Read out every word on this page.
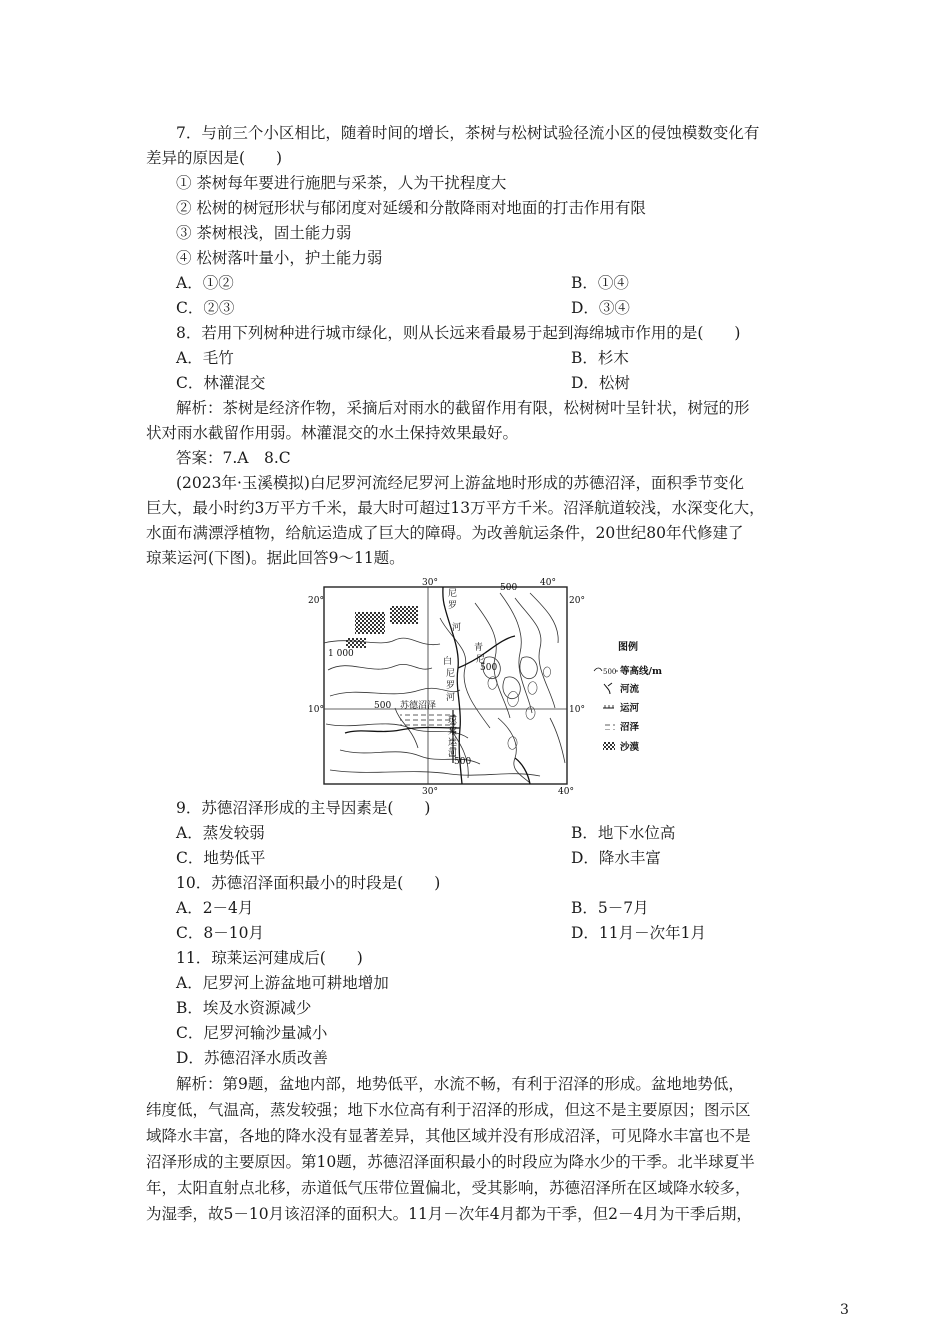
7．与前三个小区相比，随着时间的增长，茶树与松树试验径流小区的侵蚀模数变化有
差异的原因是(　　)
① 茶树每年要进行施肥与采茶，人为干扰程度大
② 松树的树冠形状与郁闭度对延缓和分散降雨对地面的打击作用有限
③ 茶树根浅，固土能力弱
④ 松树落叶量小，护土能力弱
A．①②	B．①④
C．②③	D．③④
8．若用下列树种进行城市绿化，则从长远来看最易于起到海绵城市作用的是(　　)
A．毛竹	B．杉木
C．林灌混交	D．松树
解析：茶树是经济作物，采摘后对雨水的截留作用有限，松树树叶呈针状，树冠的形
状对雨水截留作用弱。林灌混交的水土保持效果最好。
答案：7.A　8.C
(2023年·玉溪模拟)白尼罗河流经尼罗河上游盆地时形成的苏德沼泽，面积季节变化
巨大，最小时约3万平方千米，最大时可超过13万平方千米。沼泽航道较浅，水深变化大，
水面布满漂浮植物，给航运造成了巨大的障碍。为改善航运条件，20世纪80年代修建了
琼莱运河(下图)。据此回答9～11题。
30°	40°
30°	40°
20°	20°
10°	10°
尼
罗
河
白
尼
罗
河
琼
莱
运
河
苏德沼泽
青
尼
1 000
500
500
500
500
图例
500 等高线/m
河流
运河
沼泽
沙漠
9．苏德沼泽形成的主导因素是(　　)
A．蒸发较弱	B．地下水位高
C．地势低平	D．降水丰富
10．苏德沼泽面积最小的时段是(　　)
A．2－4月	B．5－7月
C．8－10月	D．11月－次年1月
11．琼莱运河建成后(　　)
A．尼罗河上游盆地可耕地增加
B．埃及水资源减少
C．尼罗河输沙量减小
D．苏德沼泽水质改善
解析：第9题，盆地内部，地势低平，水流不畅，有利于沼泽的形成。盆地地势低，
纬度低，气温高，蒸发较强；地下水位高有利于沼泽的形成，但这不是主要原因；图示区
域降水丰富，各地的降水没有显著差异，其他区域并没有形成沼泽，可见降水丰富也不是
沼泽形成的主要原因。第10题，苏德沼泽面积最小的时段应为降水少的干季。北半球夏半
年，太阳直射点北移，赤道低气压带位置偏北，受其影响，苏德沼泽所在区域降水较多，
为湿季，故5－10月该沼泽的面积大。11月－次年4月都为干季，但2－4月为干季后期，
3
